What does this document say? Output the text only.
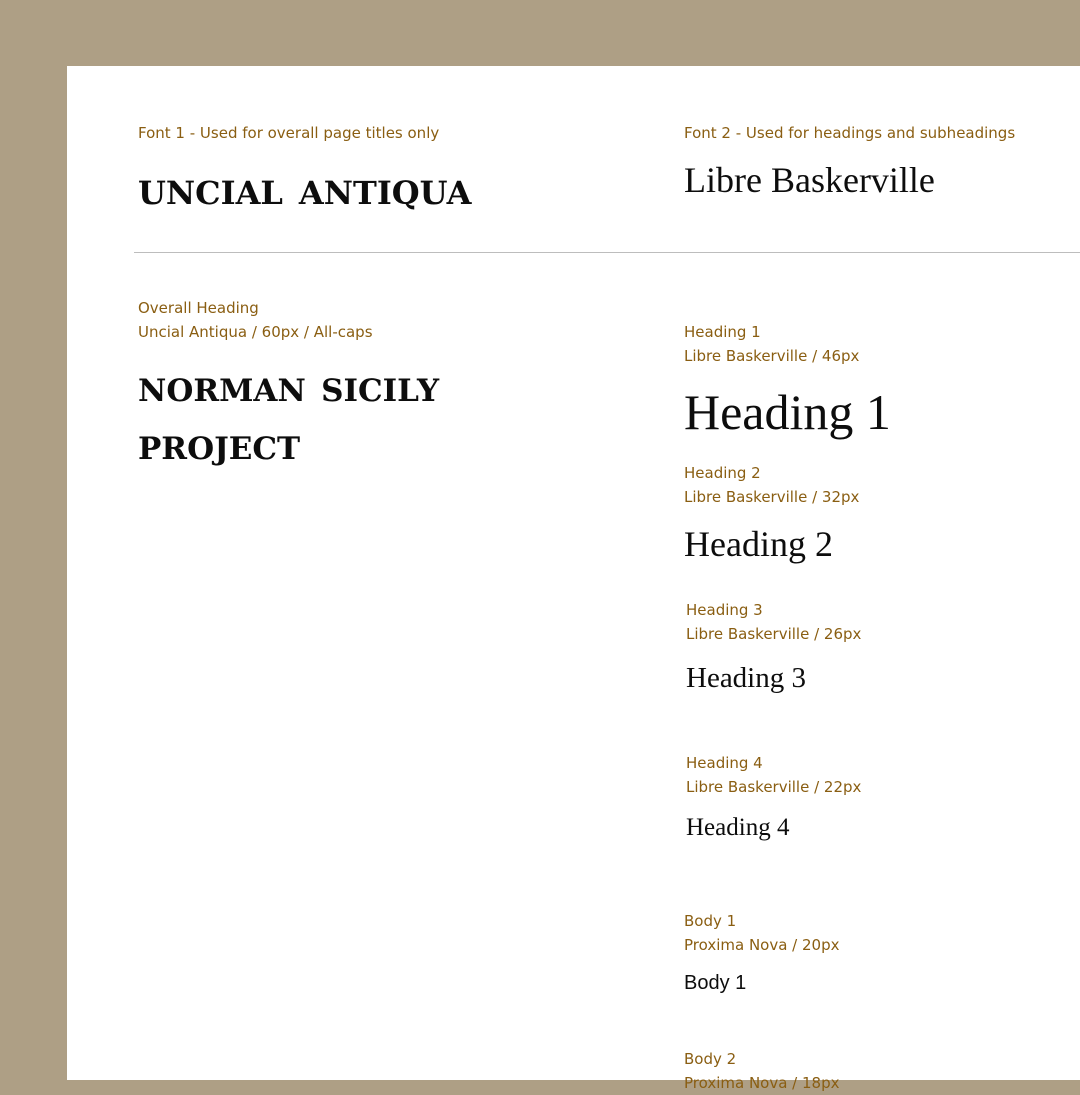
Font 1 - Used for overall page titles only
uncial antiqua
Font 2 - Used for headings and subheadings
Libre Baskerville
Overall Heading
Uncial Antiqua / 60px / All-caps
norman sicily
project
Heading 1
Libre Baskerville / 46px
Heading 1
Heading 2
Libre Baskerville / 32px
Heading 2
Heading 3
Libre Baskerville / 26px
Heading 3
Heading 4
Libre Baskerville / 22px
Heading 4
Body 1
Proxima Nova / 20px
Body 1
Body 2
Proxima Nova / 18px
